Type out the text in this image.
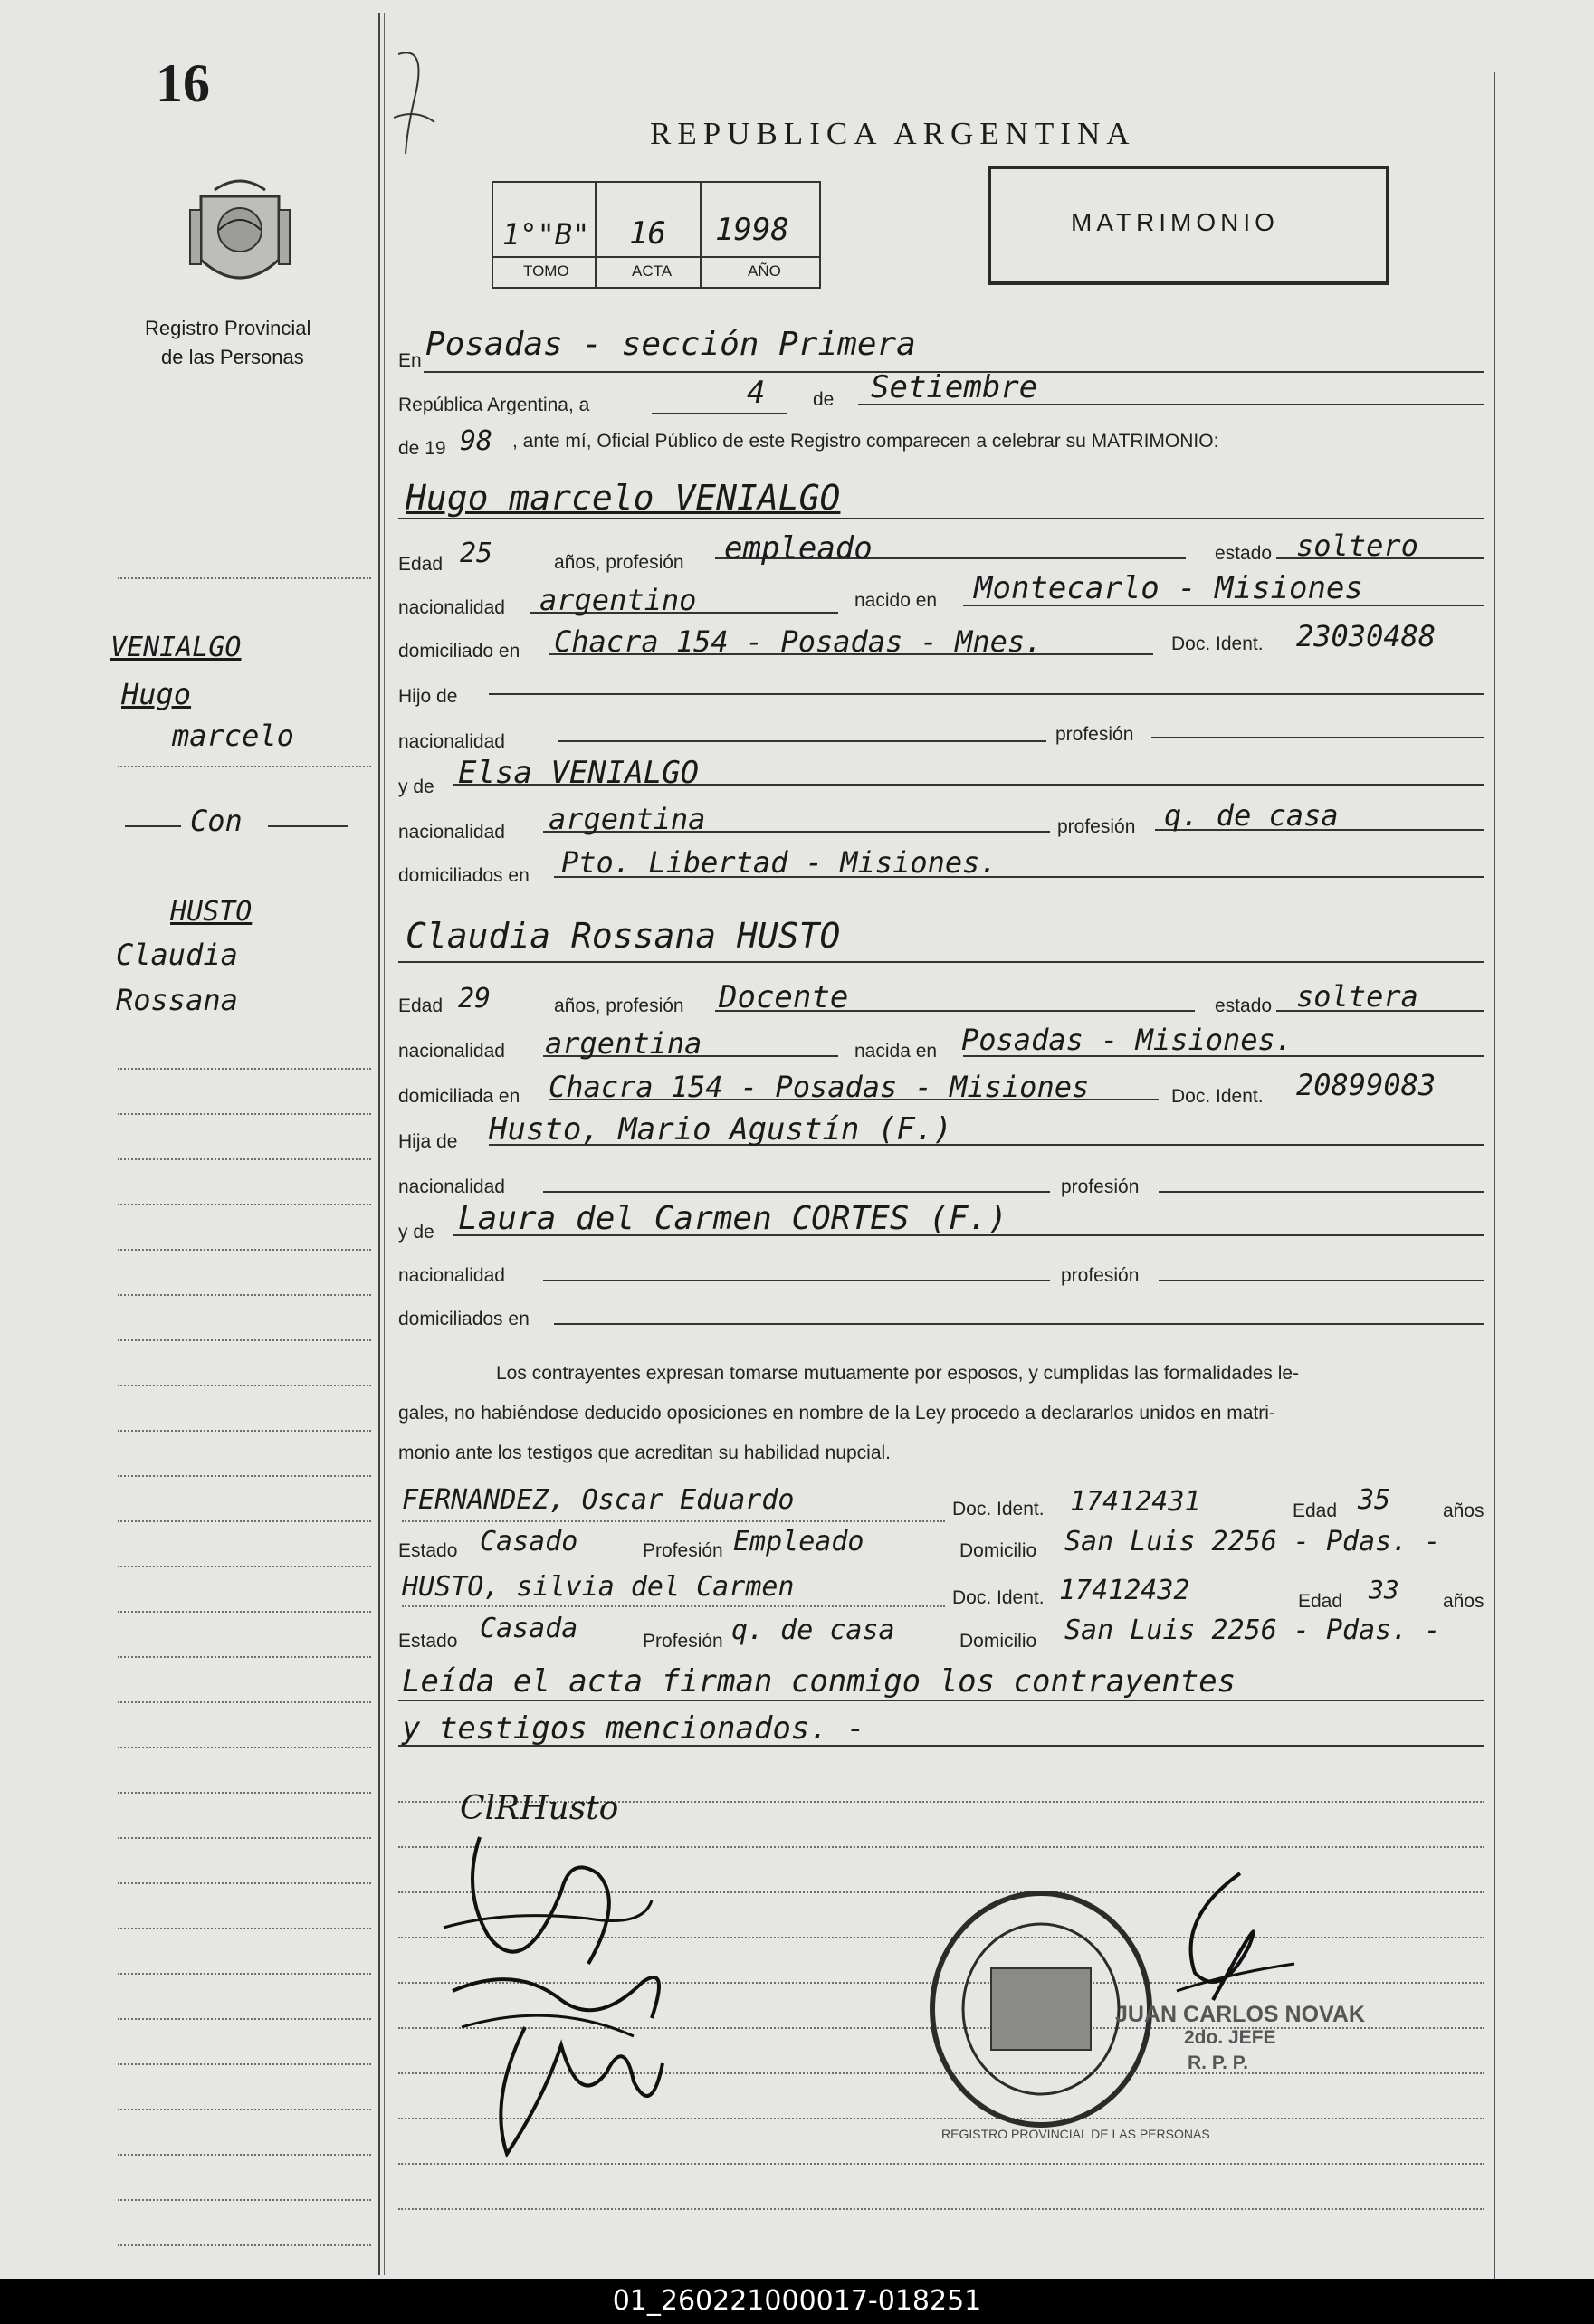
16
Registro Provincial
de las Personas
REPUBLICA ARGENTINA
1°"B" 16 1998
TOMO	ACTA	AÑO
MATRIMONIO
En Posadas - sección Primera
República Argentina, a	4	de Setiembre
de 19 98 , ante mí, Oficial Público de este Registro comparecen a celebrar su MATRIMONIO:
Hugo marcelo VENIALGO
Edad 25	años, profesión empleado	estado soltero
nacionalidad argentino	nacido en Montecarlo - Misiones
domiciliado en Chacra 154 - Posadas - Mnes.	Doc. Ident. 23030488
Hijo de
nacionalidad	profesión
y de Elsa VENIALGO
nacionalidad argentina	profesión q. de casa
domiciliados en Pto. Libertad - Misiones.
Claudia Rossana HUSTO
Edad 29	años, profesión Docente	estado soltera
nacionalidad argentina	nacida en Posadas - Misiones.
domiciliada en Chacra 154 - Posadas - Misiones	Doc. Ident. 20899083
Hija de Husto, Mario Agustín (F.)
nacionalidad	profesión
y de Laura del Carmen CORTES (F.)
nacionalidad	profesión
domiciliados en
Los contrayentes expresan tomarse mutuamente por esposos, y cumplidas las formalidades le-
gales, no habiéndose deducido oposiciones en nombre de la Ley procedo a declararlos unidos en matri-
monio ante los testigos que acreditan su habilidad nupcial.
FERNANDEZ, Oscar Eduardo	Doc. Ident. 17412431	Edad 35	años
Estado Casado	Profesión Empleado	Domicilio San Luis 2256 - Pdas. -
HUSTO, silvia del Carmen	Doc. Ident. 17412432	Edad 33 años
Estado Casada	Profesión q. de casa	Domicilio San Luis 2256 - Pdas. -
Leída el acta firman conmigo los contrayentes
y testigos mencionados. -
ClRHusto
REGISTRO PROVINCIAL DE LAS PERSONAS
JUAN CARLOS NOVAK
2do. JEFE
R. P. P.
VENIALGO
Hugo
marcelo
Con
HUSTO
Claudia
Rossana
01_260221000017-018251
